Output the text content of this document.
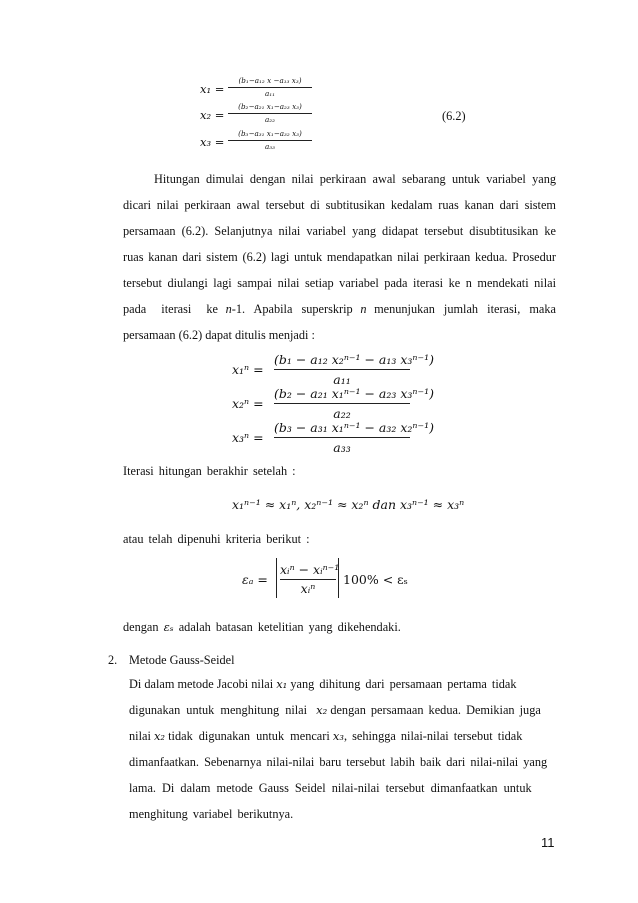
x₁ =
(b₁−a₁₂ x −a₁₃ x₃)
a₁₁
x₂ =
(b₂−a₂₁ x₁−a₂₃ x₃)
a₂₂
x₃ =
(b₃−a₃₁ x₁−a₃₂ x₃)
a₃₃
(6.2)
Hitungan dimulai dengan nilai perkiraan awal sebarang untuk variabel yang
dicari nilai perkiraan awal tersebut di subtitusikan kedalam ruas kanan dari sistem
persamaan (6.2). Selanjutnya nilai variabel yang didapat tersebut disubtitusikan ke
ruas kanan dari sistem (6.2) lagi untuk mendapatkan nilai perkiraan kedua. Prosedur
tersebut diulangi lagi sampai nilai setiap variabel pada iterasi ke n mendekati nilai
pada iterasi ke n-1. Apabila superskrip n menunjukan jumlah iterasi, maka
persamaan (6.2) dapat ditulis menjadi :
x₁ⁿ =
(b₁ − a₁₂ x₂ⁿ⁻¹ − a₁₃ x₃ⁿ⁻¹)
a₁₁
x₂ⁿ =
(b₂ − a₂₁ x₁ⁿ⁻¹ − a₂₃ x₃ⁿ⁻¹)
a₂₂
x₃ⁿ =
(b₃ − a₃₁ x₁ⁿ⁻¹ − a₃₂ x₂ⁿ⁻¹)
a₃₃
Iterasi hitungan berakhir setelah :
x₁ⁿ⁻¹ ≈ x₁ⁿ, x₂ⁿ⁻¹ ≈ x₂ⁿ dan x₃ⁿ⁻¹ ≈ x₃ⁿ
atau telah dipenuhi kriteria berikut :
εₐ =
xᵢⁿ − xᵢⁿ⁻¹
xᵢⁿ
100% < εₛ
dengan εₛ adalah batasan ketelitian yang dikehendaki.
2. Metode Gauss-Seidel
Di dalam metode Jacobi nilai x₁ yang dihitung dari persamaan pertama tidak
digunakan untuk menghitung nilai x₂ dengan persamaan kedua. Demikian juga
nilai x₂ tidak digunakan untuk mencari x₃, sehingga nilai-nilai tersebut tidak
dimanfaatkan. Sebenarnya nilai-nilai baru tersebut labih baik dari nilai-nilai yang
lama. Di dalam metode Gauss Seidel nilai-nilai tersebut dimanfaatkan untuk
menghitung variabel berikutnya.
11
